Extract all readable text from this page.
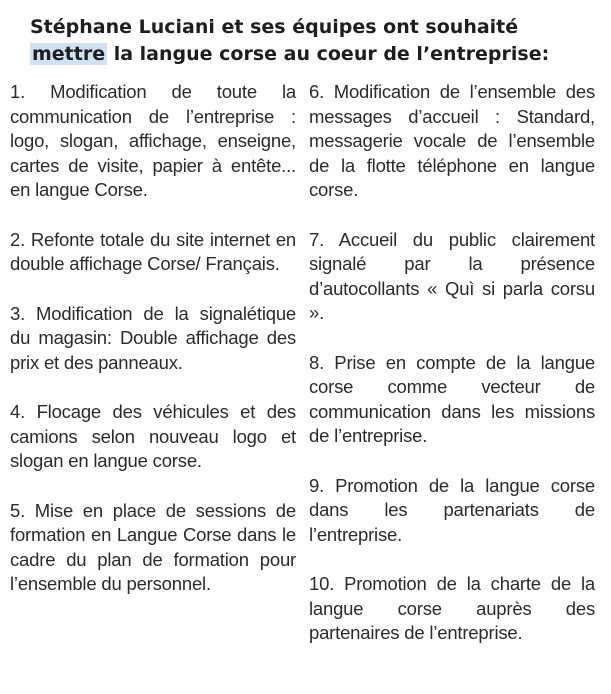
Stéphane Luciani et ses équipes ont souhaité mettre la langue corse au coeur de l’entreprise:

1. Modification de toute la communication de l’entreprise : logo, slogan, affichage, enseigne, cartes de visite, papier à entête... en langue Corse.

2. Refonte totale du site internet en double affichage Corse/ Français.

3. Modification de la signalétique du magasin: Double affichage des prix et des panneaux.

4. Flocage des véhicules et des camions selon nouveau logo et slogan en langue corse.

5. Mise en place de sessions de formation en Langue Corse dans le cadre du plan de formation pour l’ensemble du personnel.

6. Modification de l’ensemble des messages d’accueil : Standard, messagerie vocale de l’ensemble de la flotte téléphone en langue corse.

7. Accueil du public clairement signalé par la présence d’autocollants « Quì si parla corsu ».

8. Prise en compte de la langue corse comme vecteur de communication dans les missions de l’entreprise.

9. Promotion de la langue corse dans les partenariats de l’entreprise.

10. Promotion de la charte de la langue corse auprès des partenaires de l’entreprise.
